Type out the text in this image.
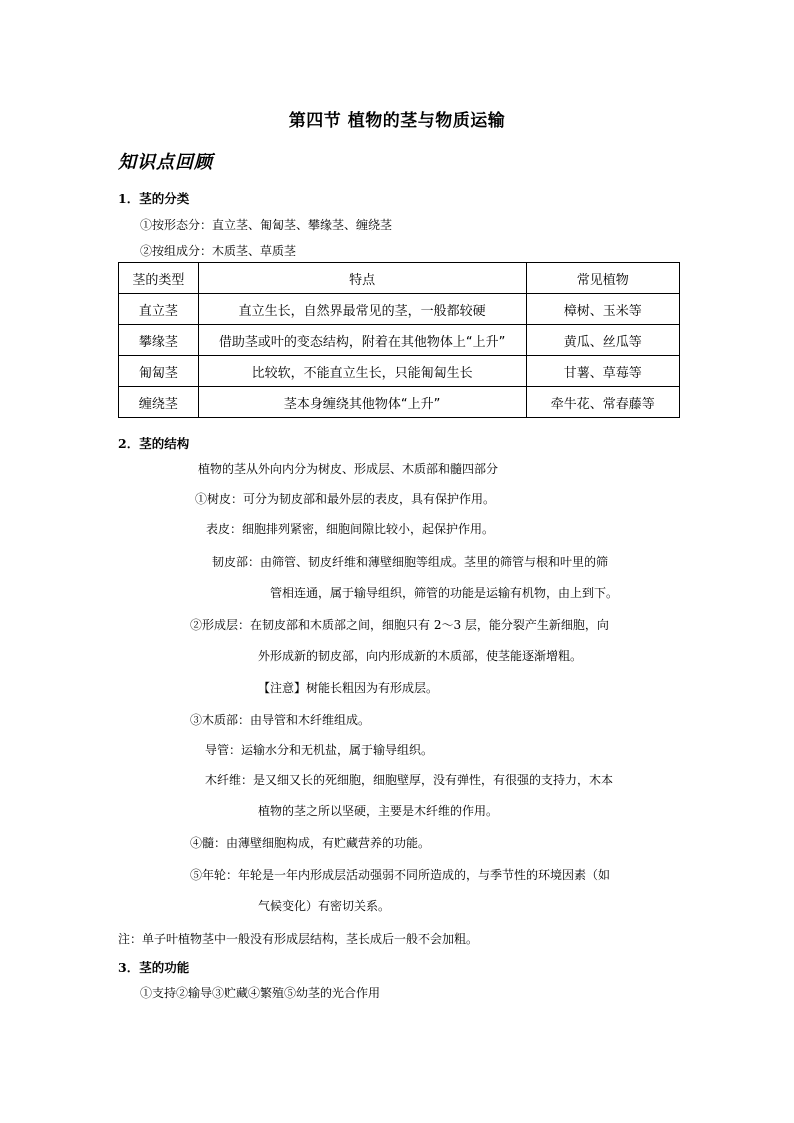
第四节 植物的茎与物质运输
知识点回顾
1．茎的分类
①按形态分：直立茎、匍匐茎、攀缘茎、缠绕茎
②按组成分：木质茎、草质茎
茎的类型	特点	常见植物
直立茎	直立生长，自然界最常见的茎，一般都较硬	樟树、玉米等
攀缘茎	借助茎或叶的变态结构，附着在其他物体上“上升”	黄瓜、丝瓜等
匍匐茎	比较软，不能直立生长，只能匍匐生长	甘薯、草莓等
缠绕茎	茎本身缠绕其他物体“上升”	牵牛花、常春藤等
2．茎的结构
植物的茎从外向内分为树皮、形成层、木质部和髓四部分
①树皮：可分为韧皮部和最外层的表皮，具有保护作用。
表皮：细胞排列紧密，细胞间隙比较小，起保护作用。
韧皮部：由筛管、韧皮纤维和薄壁细胞等组成。茎里的筛管与根和叶里的筛
管相连通，属于输导组织，筛管的功能是运输有机物，由上到下。
②形成层：在韧皮部和木质部之间，细胞只有 2～3 层，能分裂产生新细胞，向
外形成新的韧皮部，向内形成新的木质部，使茎能逐渐增粗。
【注意】树能长粗因为有形成层。
③木质部：由导管和木纤维组成。
导管：运输水分和无机盐，属于输导组织。
木纤维：是又细又长的死细胞，细胞壁厚，没有弹性，有很强的支持力，木本
植物的茎之所以坚硬，主要是木纤维的作用。
④髓：由薄壁细胞构成，有贮藏营养的功能。
⑤年轮：年轮是一年内形成层活动强弱不同所造成的，与季节性的环境因素（如
气候变化）有密切关系。
注：单子叶植物茎中一般没有形成层结构，茎长成后一般不会加粗。
3．茎的功能
①支持②输导③贮藏④繁殖⑤幼茎的光合作用
